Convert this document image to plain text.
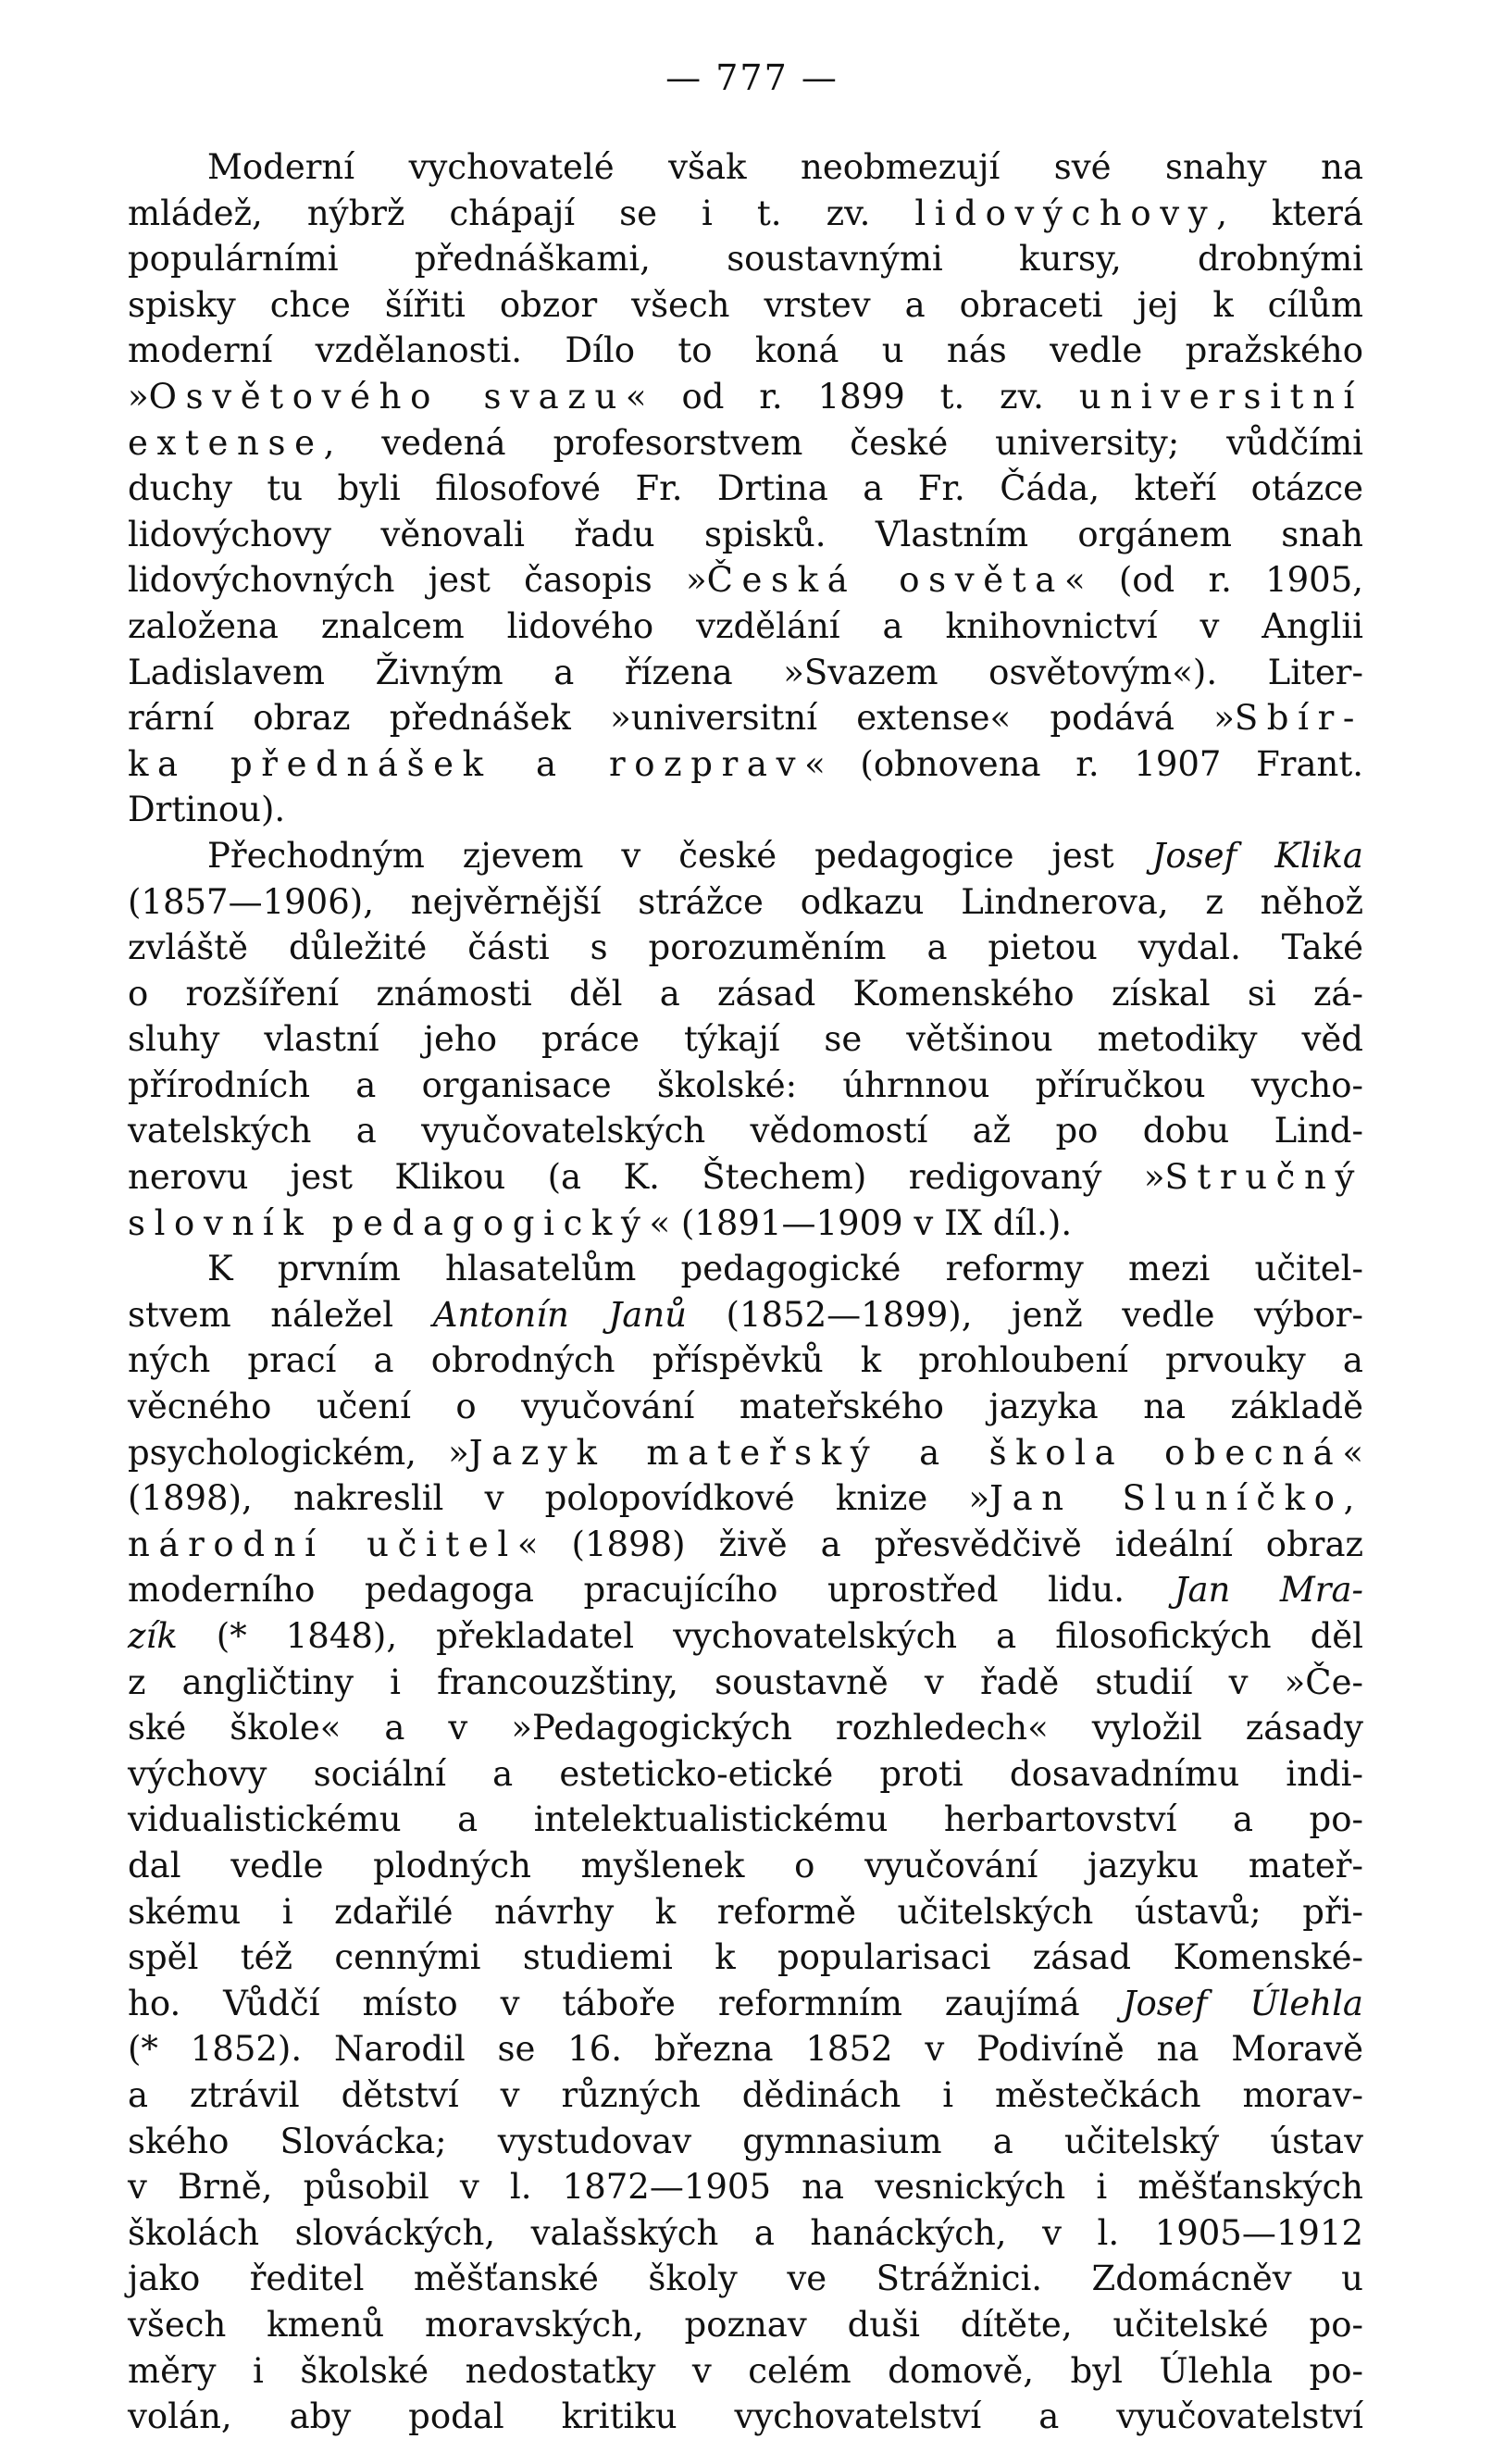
— 777 —
Moderní vychovatelé však neobmezují své snahy na
mládež, nýbrž chápají se i t. zv. lidovýchovy, která
populárními přednáškami, soustavnými kursy, drobnými
spisky chce šířiti obzor všech vrstev a obraceti jej k cílům
moderní vzdělanosti. Dílo to koná u nás vedle pražského
»Osvětového svazu« od r. 1899 t. zv. universitní
extense, vedená profesorstvem české university; vůdčími
duchy tu byli filosofové Fr. Drtina a Fr. Čáda, kteří otázce
lidovýchovy věnovali řadu spisků. Vlastním orgánem snah
lidovýchovných jest časopis »Česká osvěta« (od r. 1905,
založena znalcem lidového vzdělání a knihovnictví v Anglii
Ladislavem Živným a řízena »Svazem osvětovým«). Liter-
rární obraz přednášek »universitní extense« podává »Sbír-
ka přednášek a rozprav« (obnovena r. 1907 Frant.
Drtinou).
Přechodným zjevem v české pedagogice jest Josef Klika
(1857—1906), nejvěrnější strážce odkazu Lindnerova, z něhož
zvláště důležité části s porozuměním a pietou vydal. Také
o rozšíření známosti děl a zásad Komenského získal si zá-
sluhy vlastní jeho práce týkají se většinou metodiky věd
přírodních a organisace školské: úhrnnou příručkou vycho-
vatelských a vyučovatelských vědomostí až po dobu Lind-
nerovu jest Klikou (a K. Štechem) redigovaný »Stručný
slovník pedagogický« (1891—1909 v IX díl.).
K prvním hlasatelům pedagogické reformy mezi učitel-
stvem náležel Antonín Janů (1852—1899), jenž vedle výbor-
ných prací a obrodných příspěvků k prohloubení prvouky a
věcného učení o vyučování mateřského jazyka na základě
psychologickém, »Jazyk mateřský a škola obecná«
(1898), nakreslil v polopovídkové knize »Jan Sluníčko,
národní učitel« (1898) živě a přesvědčivě ideální obraz
moderního pedagoga pracujícího uprostřed lidu. Jan Mra-
zík (* 1848), překladatel vychovatelských a filosofických děl
z angličtiny i francouzštiny, soustavně v řadě studií v »Če-
ské škole« a v »Pedagogických rozhledech« vyložil zásady
výchovy sociální a esteticko-etické proti dosavadnímu indi-
vidualistickému a intelektualistickému herbartovství a po-
dal vedle plodných myšlenek o vyučování jazyku mateř-
skému i zdařilé návrhy k reformě učitelských ústavů; při-
spěl též cennými studiemi k popularisaci zásad Komenské-
ho. Vůdčí místo v táboře reformním zaujímá Josef Úlehla
(* 1852). Narodil se 16. března 1852 v Podivíně na Moravě
a ztrávil dětství v různých dědinách i městečkách morav-
ského Slovácka; vystudovav gymnasium a učitelský ústav
v Brně, působil v l. 1872—1905 na vesnických i měšťanských
školách slováckých, valašských a hanáckých, v l. 1905—1912
jako ředitel měšťanské školy ve Strážnici. Zdomácněv u
všech kmenů moravských, poznav duši dítěte, učitelské po-
měry i školské nedostatky v celém domově, byl Úlehla po-
volán, aby podal kritiku vychovatelství a vyučovatelství
